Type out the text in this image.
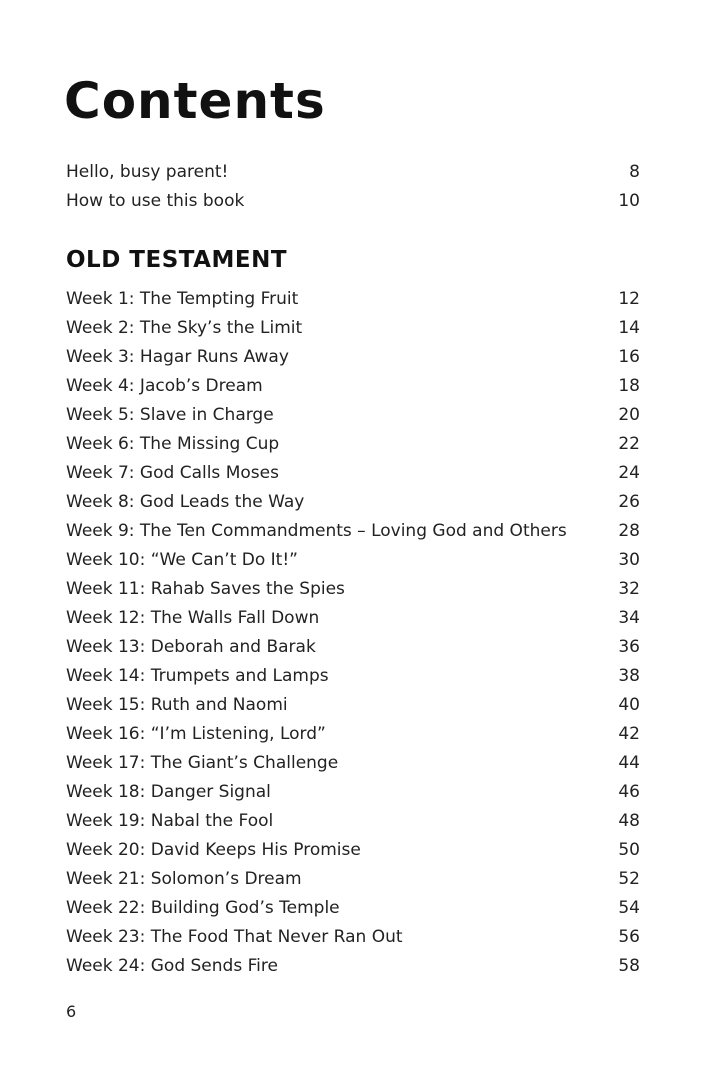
Contents
Hello, busy parent!	8
How to use this book	10
OLD TESTAMENT
Week 1: The Tempting Fruit	12
Week 2: The Sky’s the Limit	14
Week 3: Hagar Runs Away	16
Week 4: Jacob’s Dream	18
Week 5: Slave in Charge	20
Week 6: The Missing Cup	22
Week 7: God Calls Moses	24
Week 8: God Leads the Way	26
Week 9: The Ten Commandments – Loving God and Others	28
Week 10: “We Can’t Do It!”	30
Week 11: Rahab Saves the Spies	32
Week 12: The Walls Fall Down	34
Week 13: Deborah and Barak	36
Week 14: Trumpets and Lamps	38
Week 15: Ruth and Naomi	40
Week 16: “I’m Listening, Lord”	42
Week 17: The Giant’s Challenge	44
Week 18: Danger Signal	46
Week 19: Nabal the Fool	48
Week 20: David Keeps His Promise	50
Week 21: Solomon’s Dream	52
Week 22: Building God’s Temple	54
Week 23: The Food That Never Ran Out	56
Week 24: God Sends Fire	58
6
